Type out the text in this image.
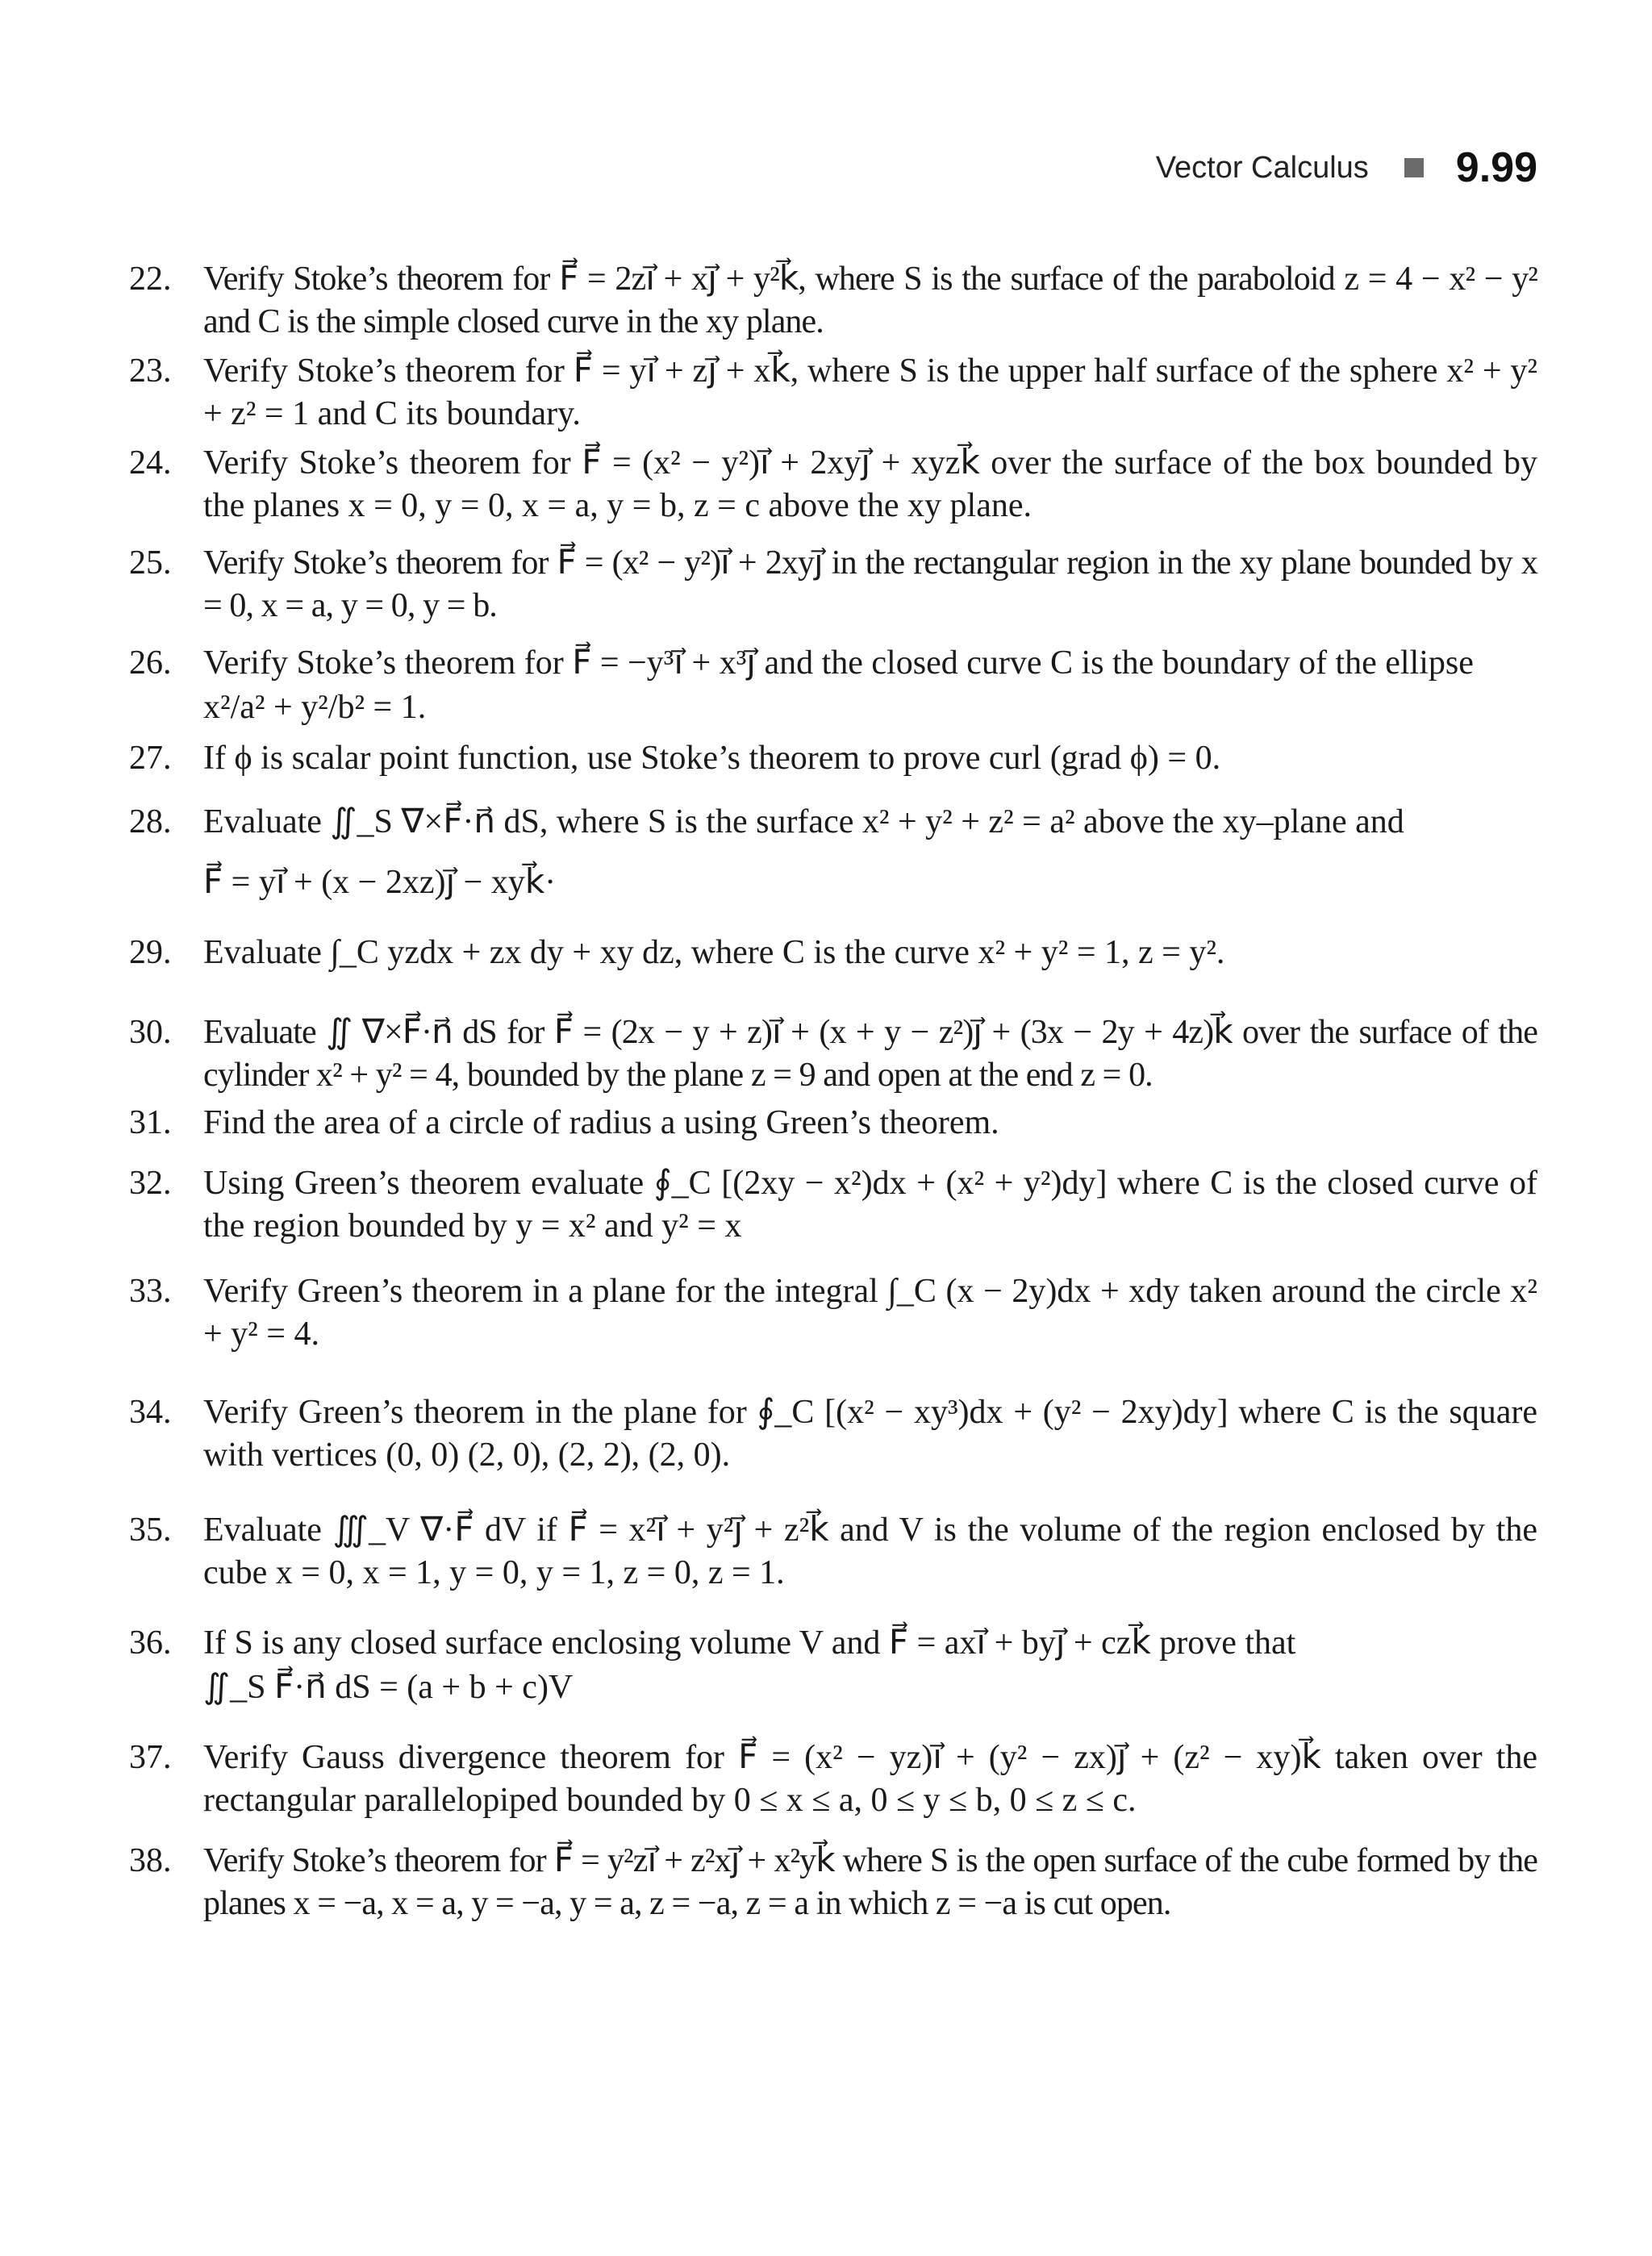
Vector Calculus 9.99
22. Verify Stoke’s theorem for F⃗ = 2zi⃗ + xj⃗ + y²k⃗, where S is the surface of the paraboloid z = 4 − x² − y² and C is the simple closed curve in the xy plane.
23. Verify Stoke’s theorem for F⃗ = yi⃗ + zj⃗ + xk⃗, where S is the upper half surface of the sphere x² + y² + z² = 1 and C its boundary.
24. Verify Stoke’s theorem for F⃗ = (x² − y²)i⃗ + 2xyj⃗ + xyzk⃗ over the surface of the box bounded by the planes x = 0, y = 0, x = a, y = b, z = c above the xy plane.
25. Verify Stoke’s theorem for F⃗ = (x² − y²)i⃗ + 2xyj⃗ in the rectangular region in the xy plane bounded by x = 0, x = a, y = 0, y = b.
26. Verify Stoke’s theorem for F⃗ = −y³i⃗ + x³j⃗ and the closed curve C is the boundary of the ellipse
x²/a² + y²/b² = 1.
27. If ϕ is scalar point function, use Stoke’s theorem to prove curl (grad ϕ) = 0.
28. Evaluate ∬_S ∇×F⃗·n⃗ dS, where S is the surface x² + y² + z² = a² above the xy–plane and
F⃗ = yi⃗ + (x − 2xz)j⃗ − xyk⃗·
29. Evaluate ∫_C yzdx + zx dy + xy dz, where C is the curve x² + y² = 1, z = y².
30. Evaluate ∬ ∇×F⃗·n⃗ dS for F⃗ = (2x − y + z)i⃗ + (x + y − z²)j⃗ + (3x − 2y + 4z)k⃗ over the surface of the cylinder x² + y² = 4, bounded by the plane z = 9 and open at the end z = 0.
31. Find the area of a circle of radius a using Green’s theorem.
32. Using Green’s theorem evaluate ∮_C [(2xy − x²)dx + (x² + y²)dy] where C is the closed curve of the region bounded by y = x² and y² = x
33. Verify Green’s theorem in a plane for the integral ∫_C (x − 2y)dx + xdy taken around the circle x² + y² = 4.
34. Verify Green’s theorem in the plane for ∮_C [(x² − xy³)dx + (y² − 2xy)dy] where C is the square with vertices (0, 0) (2, 0), (2, 2), (2, 0).
35. Evaluate ∭_V ∇·F⃗ dV if F⃗ = x²i⃗ + y²j⃗ + z²k⃗ and V is the volume of the region enclosed by the cube x = 0, x = 1, y = 0, y = 1, z = 0, z = 1.
36. If S is any closed surface enclosing volume V and F⃗ = axi⃗ + byj⃗ + czk⃗ prove that
∬_S F⃗·n⃗ dS = (a + b + c)V
37. Verify Gauss divergence theorem for F⃗ = (x² − yz)i⃗ + (y² − zx)j⃗ + (z² − xy)k⃗ taken over the rectangular parallelopiped bounded by 0 ≤ x ≤ a, 0 ≤ y ≤ b, 0 ≤ z ≤ c.
38. Verify Stoke’s theorem for F⃗ = y²zi⃗ + z²xj⃗ + x²yk⃗ where S is the open surface of the cube formed by the planes x = −a, x = a, y = −a, y = a, z = −a, z = a in which z = −a is cut open.
